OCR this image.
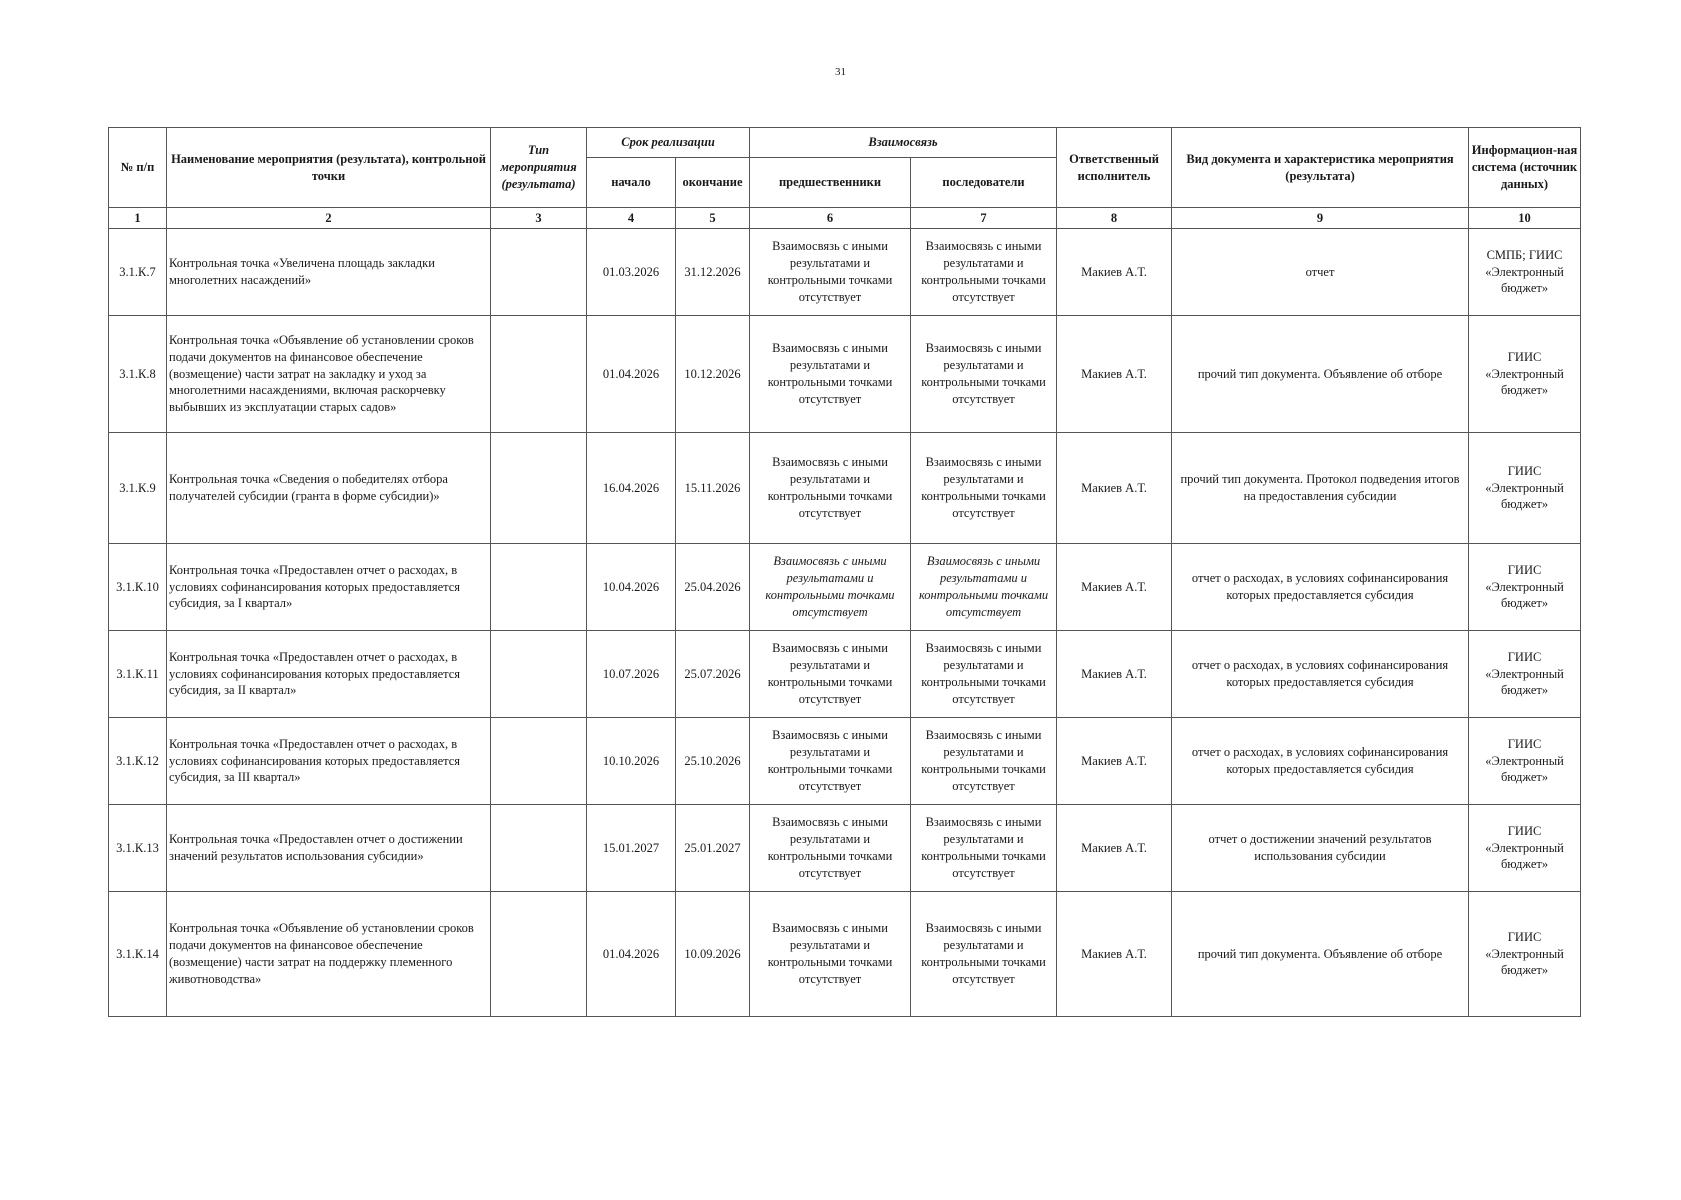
31
№ п/п	Наименование мероприятия (результата), контрольной точки	Тип мероприятия (результата)	Срок реализации		Взаимосвязь		Ответственный исполнитель	Вид документа и характеристика мероприятия (результата)	Информацион-ная система (источник данных)
			начало	окончание	предшественники	последователи			
1	2	3	4	5	6	7	8	9	10
3.1.К.7	Контрольная точка «Увеличена площадь закладки многолетних насаждений»		01.03.2026	31.12.2026	Взаимосвязь с иными результатами и контрольными точками отсутствует	Взаимосвязь с иными результатами и контрольными точками отсутствует	Макиев А.Т.	отчет	СМПБ; ГИИС «Электронный бюджет»
3.1.К.8	Контрольная точка «Объявление об установлении сроков подачи документов на финансовое обеспечение (возмещение) части затрат на закладку и уход за многолетними насаждениями, включая раскорчевку выбывших из эксплуатации старых садов»		01.04.2026	10.12.2026	Взаимосвязь с иными результатами и контрольными точками отсутствует	Взаимосвязь с иными результатами и контрольными точками отсутствует	Макиев А.Т.	прочий тип документа. Объявление об отборе	ГИИС «Электронный бюджет»
3.1.К.9	Контрольная точка «Сведения о победителях отбора получателей субсидии (гранта в форме субсидии)»		16.04.2026	15.11.2026	Взаимосвязь с иными результатами и контрольными точками отсутствует	Взаимосвязь с иными результатами и контрольными точками отсутствует	Макиев А.Т.	прочий тип документа. Протокол подведения итогов на предоставления субсидии	ГИИС «Электронный бюджет»
3.1.К.10	Контрольная точка «Предоставлен отчет о расходах, в условиях софинансирования которых предоставляется субсидия, за I квартал»		10.04.2026	25.04.2026	Взаимосвязь с иными результатами и контрольными точками отсутствует	Взаимосвязь с иными результатами и контрольными точками отсутствует	Макиев А.Т.	отчет о расходах, в условиях софинансирования которых предоставляется субсидия	ГИИС «Электронный бюджет»
3.1.К.11	Контрольная точка «Предоставлен отчет о расходах, в условиях софинансирования которых предоставляется субсидия, за II квартал»		10.07.2026	25.07.2026	Взаимосвязь с иными результатами и контрольными точками отсутствует	Взаимосвязь с иными результатами и контрольными точками отсутствует	Макиев А.Т.	отчет о расходах, в условиях софинансирования которых предоставляется субсидия	ГИИС «Электронный бюджет»
3.1.К.12	Контрольная точка «Предоставлен отчет о расходах, в условиях софинансирования которых предоставляется субсидия, за III квартал»		10.10.2026	25.10.2026	Взаимосвязь с иными результатами и контрольными точками отсутствует	Взаимосвязь с иными результатами и контрольными точками отсутствует	Макиев А.Т.	отчет о расходах, в условиях софинансирования которых предоставляется субсидия	ГИИС «Электронный бюджет»
3.1.К.13	Контрольная точка «Предоставлен отчет о достижении значений результатов использования субсидии»		15.01.2027	25.01.2027	Взаимосвязь с иными результатами и контрольными точками отсутствует	Взаимосвязь с иными результатами и контрольными точками отсутствует	Макиев А.Т.	отчет о достижении значений результатов использования субсидии	ГИИС «Электронный бюджет»
3.1.К.14	Контрольная точка «Объявление об установлении сроков подачи документов на финансовое обеспечение (возмещение) части затрат на поддержку племенного животноводства»		01.04.2026	10.09.2026	Взаимосвязь с иными результатами и контрольными точками отсутствует	Взаимосвязь с иными результатами и контрольными точками отсутствует	Макиев А.Т.	прочий тип документа. Объявление об отборе	ГИИС «Электронный бюджет»
